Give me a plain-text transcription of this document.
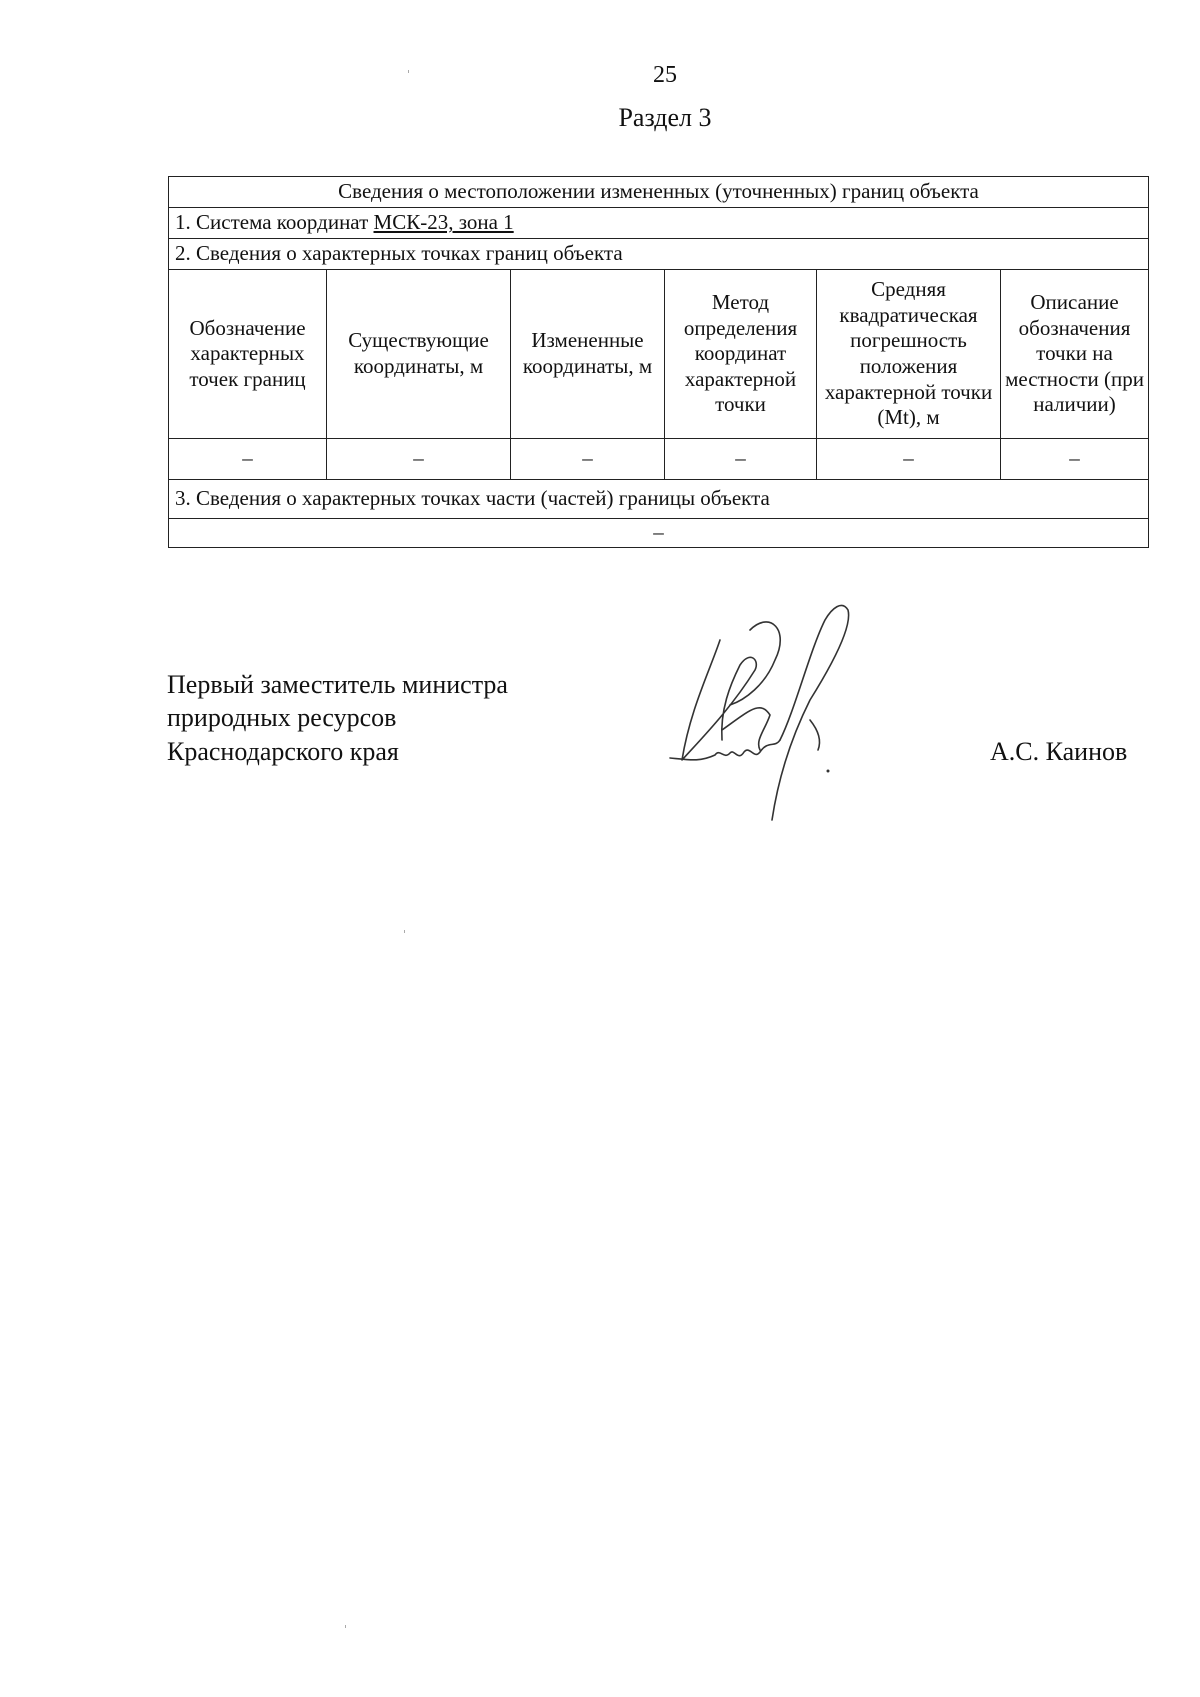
25
Раздел 3
Сведения о местоположении измененных (уточненных) границ объекта					
1. Система координат МСК-23, зона 1					
2. Сведения о характерных точках границ объекта					
Обозначение характерных точек границ	Существующие координаты, м	Измененные координаты, м	Метод определения координат характерной точки	Средняя квадратическая погрешность положения характерной точки (Mt), м	Описание обозначения точки на местности (при наличии)
–	–	–	–	–	–
3. Сведения о характерных точках части (частей) границы объекта					
–					
Первый заместитель министра
природных ресурсов
Краснодарского края	А.С. Каинов
